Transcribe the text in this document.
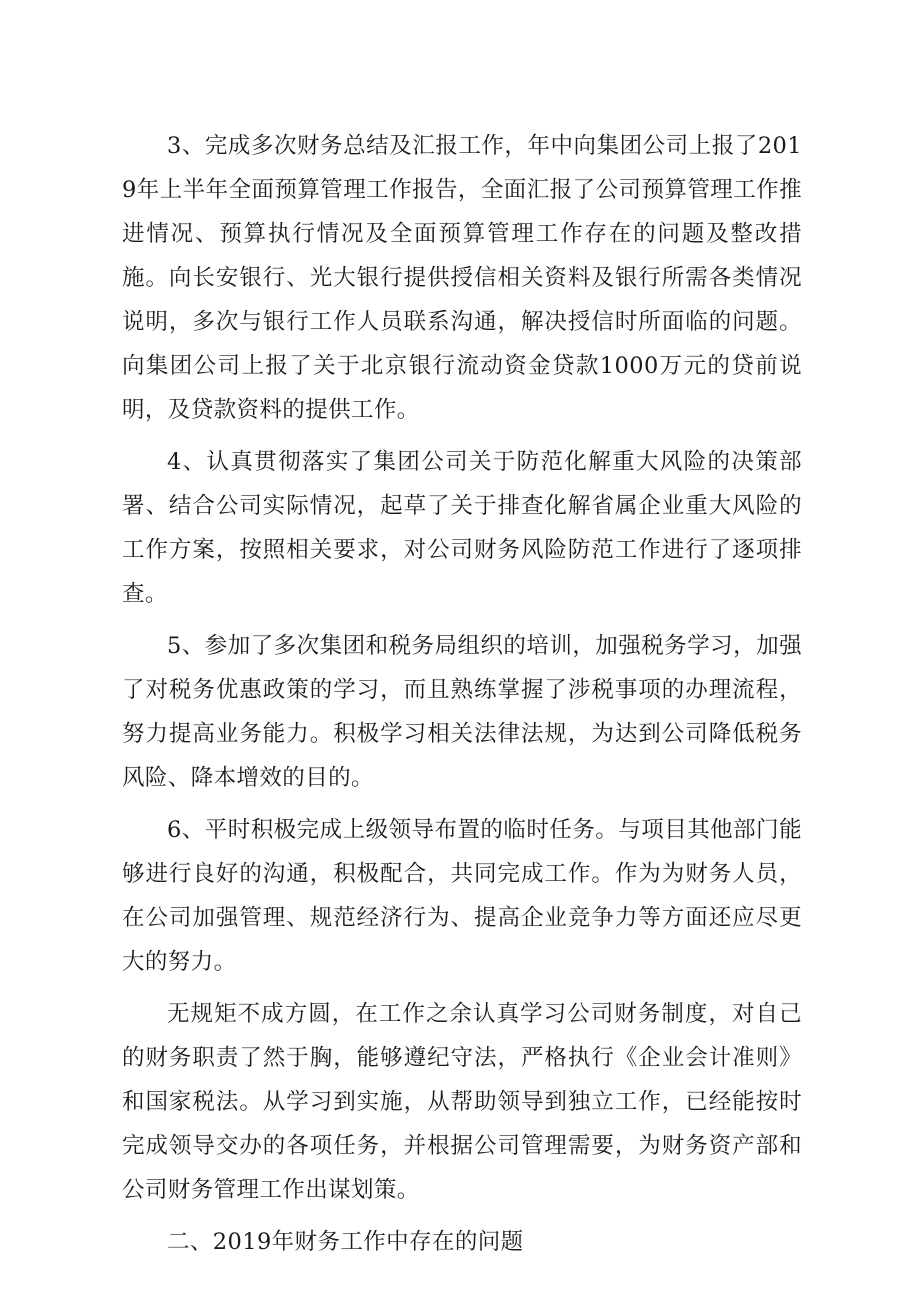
3、完成多次财务总结及汇报工作，年中向集团公司上报了2019年上半年全面预算管理工作报告，全面汇报了公司预算管理工作推进情况、预算执行情况及全面预算管理工作存在的问题及整改措施。向长安银行、光大银行提供授信相关资料及银行所需各类情况说明，多次与银行工作人员联系沟通，解决授信时所面临的问题。向集团公司上报了关于北京银行流动资金贷款1000万元的贷前说明，及贷款资料的提供工作。

4、认真贯彻落实了集团公司关于防范化解重大风险的决策部署、结合公司实际情况，起草了关于排查化解省属企业重大风险的工作方案，按照相关要求，对公司财务风险防范工作进行了逐项排查。

5、参加了多次集团和税务局组织的培训，加强税务学习，加强了对税务优惠政策的学习，而且熟练掌握了涉税事项的办理流程，努力提高业务能力。积极学习相关法律法规，为达到公司降低税务风险、降本增效的目的。

6、平时积极完成上级领导布置的临时任务。与项目其他部门能够进行良好的沟通，积极配合，共同完成工作。作为为财务人员，在公司加强管理、规范经济行为、提高企业竞争力等方面还应尽更大的努力。

无规矩不成方圆，在工作之余认真学习公司财务制度，对自己的财务职责了然于胸，能够遵纪守法，严格执行《企业会计准则》和国家税法。从学习到实施，从帮助领导到独立工作，已经能按时完成领导交办的各项任务，并根据公司管理需要，为财务资产部和公司财务管理工作出谋划策。

二、2019年财务工作中存在的问题
